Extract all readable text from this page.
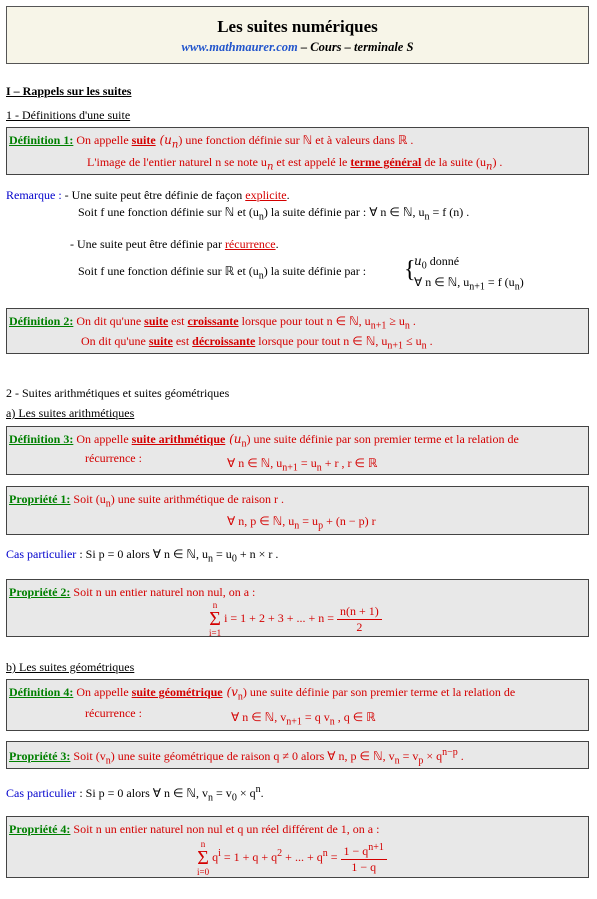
Les suites numériques
www.mathmaurer.com – Cours – terminale S
I – Rappels sur les suites
1 - Définitions d'une suite
Définition 1: On appelle suite $(u_n)$ une fonction définie sur ℕ et à valeurs dans ℝ .
L'image de l'entier naturel n se note $u_n$ et est appelé le terme général de la suite $(u_n)$ .
Remarque : - Une suite peut être définie de façon explicite.
Soit f une fonction définie sur ℕ et $(u_n)$ la suite définie par : ∀ n ∈ ℕ, $u_n = f$ (n) .
- Une suite peut être définie par récurrence.
Soit f une fonction définie sur ℝ et $(u_n)$ la suite définie par : {
$u_0$ donné
∀ n ∈ ℕ, $u_{n+1} = f$ $(u_n)$
Définition 2: On dit qu'une suite est croissante lorsque pour tout n ∈ ℕ, $u_{n+1} \ge u_n$ .
On dit qu'une suite est décroissante lorsque pour tout n ∈ ℕ, $u_{n+1} \le u_n$ .
2 - Suites arithmétiques et suites géométriques
a) Les suites arithmétiques
Définition 3: On appelle suite arithmétique $(u_n)$ une suite définie par son premier terme et la relation de
récurrence :	∀ n ∈ ℕ, $u_{n+1} = u_n + r$ , r ∈ ℝ
Propriété 1: Soit $(u_n)$ une suite arithmétique de raison r .
∀ n, p ∈ ℕ, $u_n = u_p + (n - p)$ r
Cas particulier : Si p = 0 alors ∀ n ∈ ℕ, $u_n = u_0 + n \times r$ .
Propriété 2: Soit n un entier naturel non nul, on a :
n
Σ
i=1 i = 1 + 2 + 3 + ... + $n = \frac{n(n + 1)}{2}$
b) Les suites géométriques
Définition 4: On appelle suite géométrique $(v_n)$ une suite définie par son premier terme et la relation de
récurrence :	∀ n ∈ ℕ, $v_{n+1} = q$ $v_n$ , q ∈ ℝ
Propriété 3: Soit $(v_n)$ une suite géométrique de raison q ≠ 0 alors ∀ n, p ∈ ℕ, $v_n = v_p \times q^{n-p}$ .
Cas particulier : Si p = 0 alors ∀ n ∈ ℕ, $v_n = v_0 \times q^n$.
Propriété 4: Soit n un entier naturel non nul et q un réel différent de 1, on a :
n
Σ
i=0 $q^i = 1 + q + q^2$ + ... + $q^n = \frac{1 - q^{n+1}}{1 - q}$
